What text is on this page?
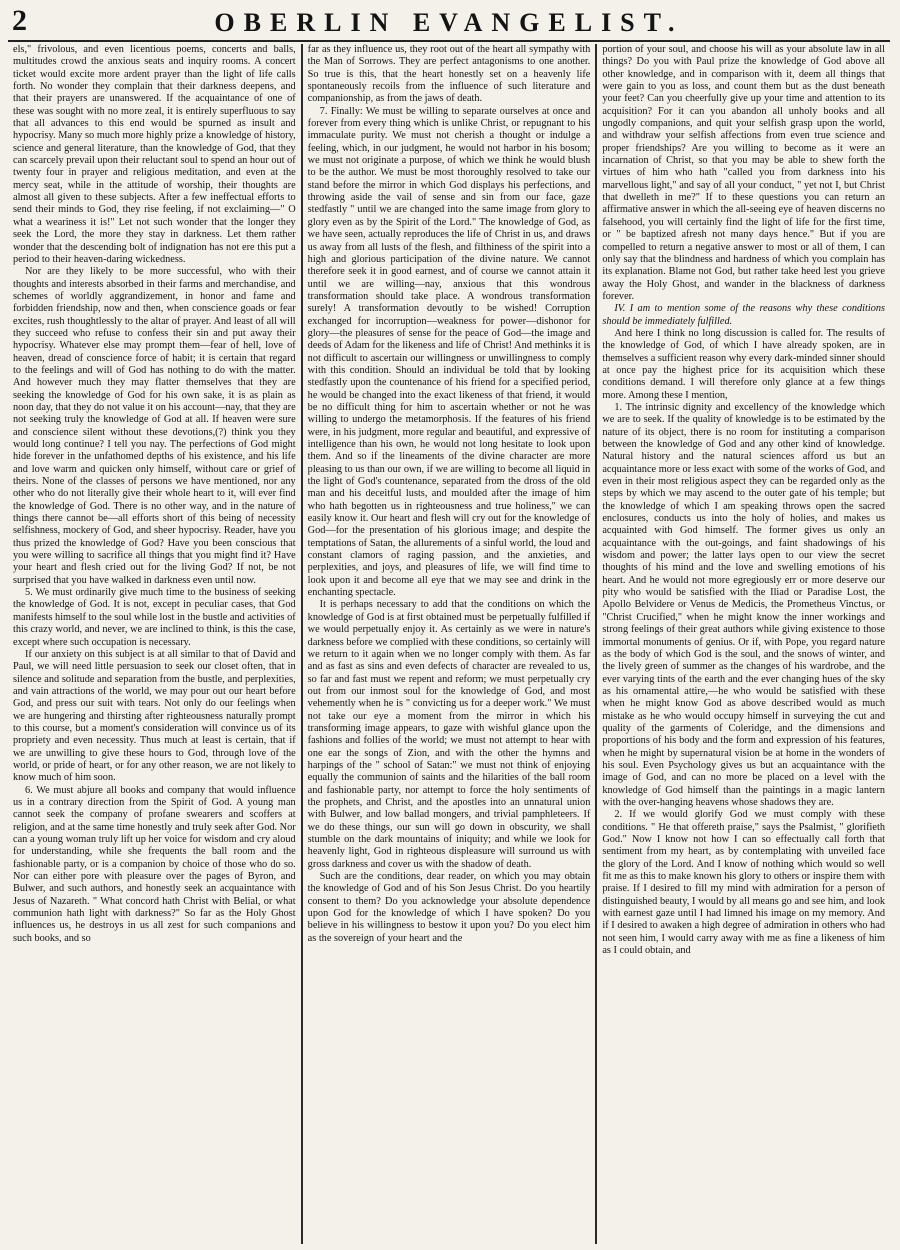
2	OBERLIN EVANGELIST.

els," frivolous, and even licentious poems, concerts and balls, multitudes crowd the anxious seats and inquiry rooms. A concert ticket would excite more ardent prayer than the light of life calls forth. No wonder they complain that their darkness deepens, and that their prayers are unanswered. If the acquaintance of one of these was sought with no more zeal, it is entirely superfluous to say that all advances to this end would be spurned as insult and hypocrisy. Many so much more highly prize a knowledge of history, science and general literature, than the knowledge of God, that they can scarcely prevail upon their reluctant soul to spend an hour out of twenty four in prayer and religious meditation, and even at the mercy seat, while in the attitude of worship, their thoughts are almost all given to these subjects. After a few ineffectual efforts to send their minds to God, they rise feeling, if not exclaiming—" O what a weariness it is!" Let not such wonder that the longer they seek the Lord, the more they stay in darkness. Let them rather wonder that the descending bolt of indignation has not ere this put a period to their heaven-daring wickedness.

Nor are they likely to be more successful, who with their thoughts and interests absorbed in their farms and merchandise, and schemes of worldly aggrandizement, in honor and fame and forbidden friendship, now and then, when conscience goads or fear excites, rush thoughtlessly to the altar of prayer. And least of all will they succeed who refuse to confess their sin and put away their hypocrisy. Whatever else may prompt them—fear of hell, love of heaven, dread of conscience force of habit; it is certain that regard to the feelings and will of God has nothing to do with the matter. And however much they may flatter themselves that they are seeking the knowledge of God for his own sake, it is as plain as noon day, that they do not value it on his account—nay, that they are not seeking truly the knowledge of God at all. If heaven were sure and conscience silent without these devotions,(?) think you they would long continue? I tell you nay. The perfections of God might hide forever in the unfathomed depths of his existence, and his life and love warm and quicken only himself, without care or grief of theirs. None of the classes of persons we have mentioned, nor any other who do not literally give their whole heart to it, will ever find the knowledge of God. There is no other way, and in the nature of things there cannot be—all efforts short of this being of necessity selfishness, mockery of God, and sheer hypocrisy. Reader, have you thus prized the knowledge of God? Have you been conscious that you were willing to sacrifice all things that you might find it? Have your heart and flesh cried out for the living God? If not, be not surprised that you have walked in darkness even until now.

5. We must ordinarily give much time to the business of seeking the knowledge of God. It is not, except in peculiar cases, that God manifests himself to the soul while lost in the bustle and activities of this crazy world, and never, we are inclined to think, is this the case, except where such occupation is necessary.

If our anxiety on this subject is at all similar to that of David and Paul, we will need little persuasion to seek our closet often, that in silence and solitude and separation from the bustle, and perplexities, and vain attractions of the world, we may pour out our heart before God, and press our suit with tears. Not only do our feelings when we are hungering and thirsting after righteousness naturally prompt to this course, but a moment's consideration will convince us of its propriety and even necessity. Thus much at least is certain, that if we are unwilling to give these hours to God, through love of the world, or pride of heart, or for any other reason, we are not likely to know much of him soon.

6. We must abjure all books and company that would influence us in a contrary direction from the Spirit of God. A young man cannot seek the company of profane swearers and scoffers at religion, and at the same time honestly and truly seek after God. Nor can a young woman truly lift up her voice for wisdom and cry aloud for understanding, while she frequents the ball room and the fashionable party, or is a companion by choice of those who do so. Nor can either pore with pleasure over the pages of Byron, and Bulwer, and such authors, and honestly seek an acquaintance with Jesus of Nazareth. " What concord hath Christ with Belial, or what communion hath light with darkness?" So far as the Holy Ghost influences us, he destroys in us all zest for such companions and such books, and so

far as they influence us, they root out of the heart all sympathy with the Man of Sorrows. They are perfect antagonisms to one another. So true is this, that the heart honestly set on a heavenly life spontaneously recoils from the influence of such literature and companionship, as from the jaws of death.

7. Finally: We must be willing to separate ourselves at once and forever from every thing which is unlike Christ, or repugnant to his immaculate purity. We must not cherish a thought or indulge a feeling, which, in our judgment, he would not harbor in his bosom; we must not originate a purpose, of which we think he would blush to be the author. We must be most thoroughly resolved to take our stand before the mirror in which God displays his perfections, and throwing aside the vail of sense and sin from our face, gaze stedfastly " until we are changed into the same image from glory to glory even as by the Spirit of the Lord." The knowledge of God, as we have seen, actually reproduces the life of Christ in us, and draws us away from all lusts of the flesh, and filthiness of the spirit into a high and glorious participation of the divine nature. We cannot therefore seek it in good earnest, and of course we cannot attain it until we are willing—nay, anxious that this wondrous transformation should take place. A wondrous transformation surely! A transformation devoutly to be wished! Corruption exchanged for incorruption—weakness for power—dishonor for glory—the pleasures of sense for the peace of God—the image and deeds of Adam for the likeness and life of Christ! And methinks it is not difficult to ascertain our willingness or unwillingness to comply with this condition. Should an individual be told that by looking stedfastly upon the countenance of his friend for a specified period, he would be changed into the exact likeness of that friend, it would be no difficult thing for him to ascertain whether or not he was willing to undergo the metamorphosis. If the features of his friend were, in his judgment, more regular and beautiful, and expressive of intelligence than his own, he would not long hesitate to look upon them. And so if the lineaments of the divine character are more pleasing to us than our own, if we are willing to become all liquid in the light of God's countenance, separated from the dross of the old man and his deceitful lusts, and moulded after the image of him who hath begotten us in righteousness and true holiness," we can easily know it. Our heart and flesh will cry out for the knowledge of God—for the presentation of his glorious image; and despite the temptations of Satan, the allurements of a sinful world, the loud and constant clamors of raging passion, and the anxieties, and perplexities, and joys, and pleasures of life, we will find time to look upon it and become all eye that we may see and drink in the enchanting spectacle.

It is perhaps necessary to add that the conditions on which the knowledge of God is at first obtained must be perpetually fulfilled if we would perpetually enjoy it. As certainly as we were in nature's darkness before we complied with these conditions, so certainly will we return to it again when we no longer comply with them. As far and as fast as sins and even defects of character are revealed to us, so far and fast must we repent and reform; we must perpetually cry out from our inmost soul for the knowledge of God, and most vehemently when he is " convicting us for a deeper work." We must not take our eye a moment from the mirror in which his transforming image appears, to gaze with wishful glance upon the fashions and follies of the world; we must not attempt to hear with one ear the songs of Zion, and with the other the hymns and harpings of the " school of Satan:" we must not think of enjoying equally the communion of saints and the hilarities of the ball room and fashionable party, nor attempt to force the holy sentiments of the prophets, and Christ, and the apostles into an unnatural union with Bulwer, and low ballad mongers, and trivial pamphleteers. If we do these things, our sun will go down in obscurity, we shall stumble on the dark mountains of iniquity; and while we look for heavenly light, God in righteous displeasure will surround us with gross darkness and cover us with the shadow of death.

Such are the conditions, dear reader, on which you may obtain the knowledge of God and of his Son Jesus Christ. Do you heartily consent to them? Do you acknowledge your absolute dependence upon God for the knowledge of which I have spoken? Do you believe in his willingness to bestow it upon you? Do you elect him as the sovereign of your heart and the

portion of your soul, and choose his will as your absolute law in all things? Do you with Paul prize the knowledge of God above all other knowledge, and in comparison with it, deem all things that were gain to you as loss, and count them but as the dust beneath your feet? Can you cheerfully give up your time and attention to its acquisition? For it can you abandon all unholy books and all ungodly companions, and quit your selfish grasp upon the world, and withdraw your selfish affections from even true science and proper friendships? Are you willing to become as it were an incarnation of Christ, so that you may be able to shew forth the virtues of him who hath "called you from darkness into his marvellous light," and say of all your conduct, " yet not I, but Christ that dwelleth in me?" If to these questions you can return an affirmative answer in which the all-seeing eye of heaven discerns no falsehood, you will certainly find the light of life for the first time, or " be baptized afresh not many days hence." But if you are compelled to return a negative answer to most or all of them, I can only say that the blindness and hardness of which you complain has its explanation. Blame not God, but rather take heed lest you grieve away the Holy Ghost, and wander in the blackness of darkness forever.

IV. I am to mention some of the reasons why these conditions should be immediately fulfilled.

And here I think no long discussion is called for. The results of the knowledge of God, of which I have already spoken, are in themselves a sufficient reason why every dark-minded sinner should at once pay the highest price for its acquisition which these conditions demand. I will therefore only glance at a few things more. Among these I mention,

1. The intrinsic dignity and excellency of the knowledge which we are to seek. If the quality of knowledge is to be estimated by the nature of its object, there is no room for instituting a comparison between the knowledge of God and any other kind of knowledge. Natural history and the natural sciences afford us but an acquaintance more or less exact with some of the works of God, and even in their most religious aspect they can be regarded only as the steps by which we may ascend to the outer gate of his temple; but the knowledge of which I am speaking throws open the sacred enclosures, conducts us into the holy of holies, and makes us acquainted with God himself. The former gives us only an acquaintance with the out-goings, and faint shadowings of his wisdom and power; the latter lays open to our view the secret thoughts of his mind and the love and swelling emotions of his heart. And he would not more egregiously err or more deserve our pity who would be satisfied with the Iliad or Paradise Lost, the Apollo Belvidere or Venus de Medicis, the Prometheus Vinctus, or "Christ Crucified," when he might know the inner workings and strong feelings of their great authors while giving existence to those immortal monuments of genius. Or if, with Pope, you regard nature as the body of which God is the soul, and the snows of winter, and the lively green of summer as the changes of his wardrobe, and the ever varying tints of the earth and the ever changing hues of the sky as his ornamental attire,—he who would be satisfied with these when he might know God as above described would as much mistake as he who would occupy himself in surveying the cut and quality of the garments of Coleridge, and the dimensions and proportions of his body and the form and expression of his features, when he might by supernatural vision be at home in the wonders of his soul. Even Psychology gives us but an acquaintance with the image of God, and can no more be placed on a level with the knowledge of God himself than the paintings in a magic lantern with the over-hanging heavens whose shadows they are.

2. If we would glorify God we must comply with these conditions. " He that offereth praise," says the Psalmist, " glorifieth God." Now I know not how I can so effectually call forth that sentiment from my heart, as by contemplating with unveiled face the glory of the Lord. And I know of nothing which would so well fit me as this to make known his glory to others or inspire them with praise. If I desired to fill my mind with admiration for a person of distinguished beauty, I would by all means go and see him, and look with earnest gaze until I had limned his image on my memory. And if I desired to awaken a high degree of admiration in others who had not seen him, I would carry away with me as fine a likeness of him as I could obtain, and
